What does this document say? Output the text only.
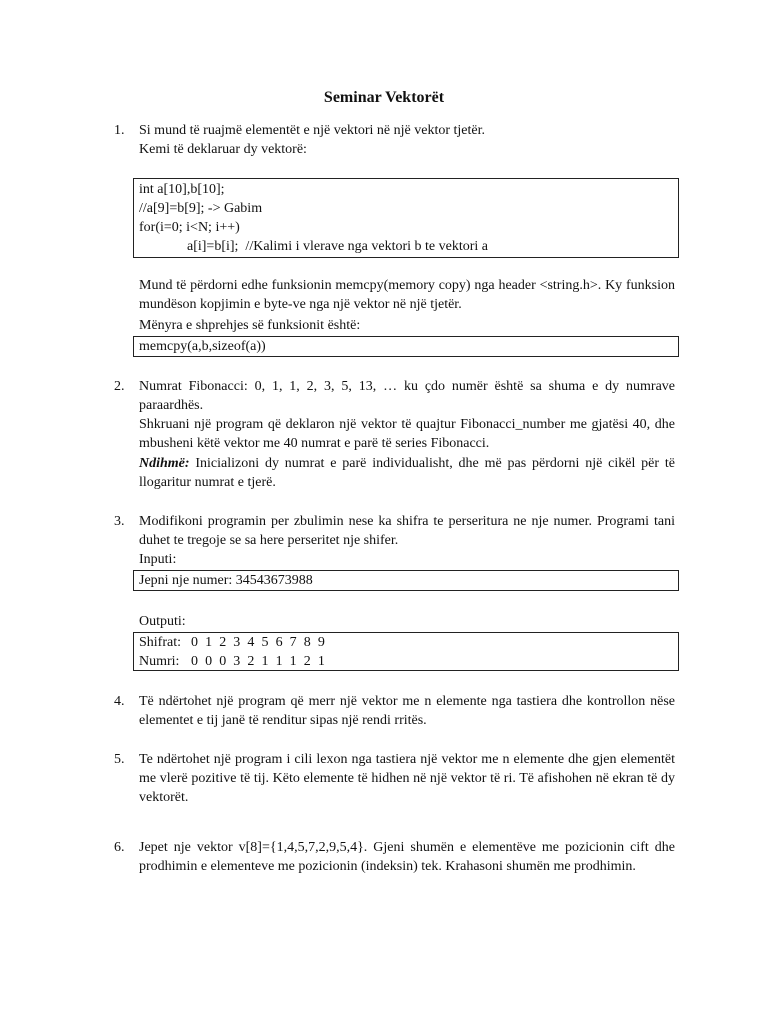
Seminar Vektorët
1.	Si mund të ruajmë elementët e një vektori në një vektor tjetër.
Kemi të deklaruar dy vektorë:
int a[10],b[10];
//a[9]=b[9]; -> Gabim
for(i=0; i<N; i++)
a[i]=b[i];  //Kalimi i vlerave nga vektori b te vektori a
Mund të përdorni edhe funksionin memcpy(memory copy) nga header <string.h>. Ky funksion mundëson kopjimin e byte-ve nga një vektor në një tjetër.
Mënyra e shprehjes së funksionit është:
memcpy(a,b,sizeof(a))
2.	Numrat Fibonacci: 0, 1, 1, 2, 3, 5, 13, … ku çdo numër është sa shuma e dy numrave paraardhës.
Shkruani një program që deklaron një vektor të quajtur Fibonacci_number me gjatësi 40, dhe mbusheni këtë vektor me 40 numrat e parë të series Fibonacci.
Ndihmë: Inicializoni dy numrat e parë individualisht, dhe më pas përdorni një cikël për të llogaritur numrat e tjerë.
3.	Modifikoni programin per zbulimin nese ka shifra te perseritura ne nje numer. Programi tani duhet te tregoje se sa here perseritet nje shifer.
Inputi:
Jepni nje numer: 34543673988
Outputi:
Shifrat: 0 1 2 3 4 5 6 7 8 9
Numri: 0 0 0 3 2 1 1 1 2 1
4.	Të ndërtohet një program që merr një vektor me n elemente nga tastiera dhe kontrollon nëse elementet e tij janë të renditur sipas një rendi rritës.
5.	Te ndërtohet një program i cili lexon nga tastiera një vektor me n elemente dhe gjen elementët me vlerë pozitive të tij. Këto elemente të hidhen në një vektor të ri. Të afishohen në ekran të dy vektorët.
6.	Jepet nje vektor v[8]={1,4,5,7,2,9,5,4}. Gjeni shumën e elementëve me pozicionin cift dhe prodhimin e elementeve me pozicionin (indeksin) tek. Krahasoni shumën me prodhimin.
